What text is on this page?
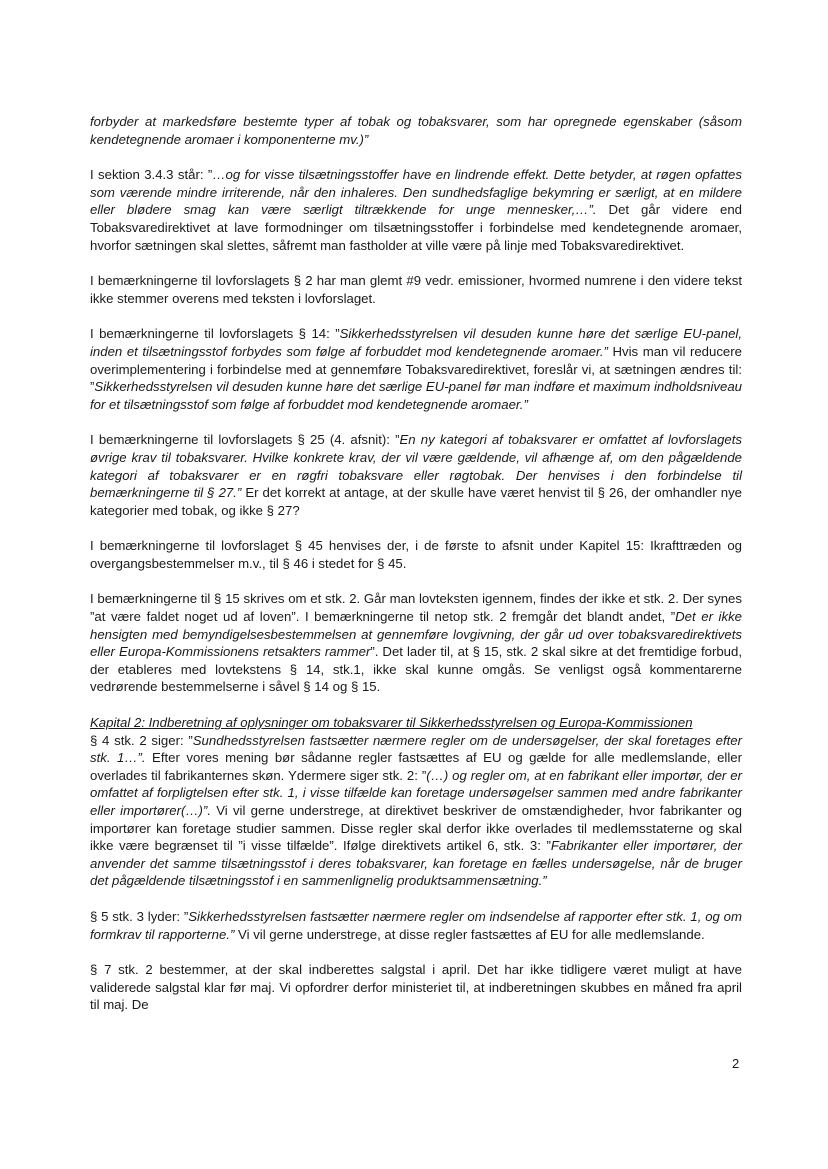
forbyder at markedsføre bestemte typer af tobak og tobaksvarer, som har opregnede egenskaber (såsom kendetegnende aromaer i komponenterne mv.)”

I sektion 3.4.3 står: ”…og for visse tilsætningsstoffer have en lindrende effekt. Dette betyder, at røgen opfattes som værende mindre irriterende, når den inhaleres. Den sundhedsfaglige bekymring er særligt, at en mildere eller blødere smag kan være særligt tiltrækkende for unge mennesker,…”. Det går videre end Tobaksvaredirektivet at lave formodninger om tilsætningsstoffer i forbindelse med kendetegnende aromaer, hvorfor sætningen skal slettes, såfremt man fastholder at ville være på linje med Tobaksvaredirektivet.

I bemærkningerne til lovforslagets § 2 har man glemt #9 vedr. emissioner, hvormed numrene i den videre tekst ikke stemmer overens med teksten i lovforslaget.

I bemærkningerne til lovforslagets § 14: ”Sikkerhedsstyrelsen vil desuden kunne høre det særlige EU-panel, inden et tilsætningsstof forbydes som følge af forbuddet mod kendetegnende aromaer.” Hvis man vil reducere overimplementering i forbindelse med at gennemføre Tobaksvaredirektivet, foreslår vi, at sætningen ændres til: ”Sikkerhedsstyrelsen vil desuden kunne høre det særlige EU-panel før man indføre et maximum indholdsniveau for et tilsætningsstof som følge af forbuddet mod kendetegnende aromaer.”

I bemærkningerne til lovforslagets § 25 (4. afsnit): ”En ny kategori af tobaksvarer er omfattet af lovforslagets øvrige krav til tobaksvarer. Hvilke konkrete krav, der vil være gældende, vil afhænge af, om den pågældende kategori af tobaksvarer er en røgfri tobaksvare eller røgtobak. Der henvises i den forbindelse til bemærkningerne til § 27.” Er det korrekt at antage, at der skulle have været henvist til § 26, der omhandler nye kategorier med tobak, og ikke § 27?

I bemærkningerne til lovforslaget § 45 henvises der, i de første to afsnit under Kapitel 15: Ikrafttræden og overgangsbestemmelser m.v., til § 46 i stedet for § 45.

I bemærkningerne til § 15 skrives om et stk. 2. Går man lovteksten igennem, findes der ikke et stk. 2. Der synes ”at være faldet noget ud af loven”. I bemærkningerne til netop stk. 2 fremgår det blandt andet, ”Det er ikke hensigten med bemyndigelsesbestemmelsen at gennemføre lovgivning, der går ud over tobaksvaredirektivets eller Europa-Kommissionens retsakters rammer”. Det lader til, at § 15, stk. 2 skal sikre at det fremtidige forbud, der etableres med lovtekstens § 14, stk.1, ikke skal kunne omgås. Se venligst også kommentarerne vedrørende bestemmelserne i såvel § 14 og § 15.

Kapital 2: Indberetning af oplysninger om tobaksvarer til Sikkerhedsstyrelsen og Europa-Kommissionen

§ 4 stk. 2 siger: ”Sundhedsstyrelsen fastsætter nærmere regler om de undersøgelser, der skal foretages efter stk. 1…”. Efter vores mening bør sådanne regler fastsættes af EU og gælde for alle medlemslande, eller overlades til fabrikanternes skøn. Ydermere siger stk. 2: ”(…) og regler om, at en fabrikant eller importør, der er omfattet af forpligtelsen efter stk. 1, i visse tilfælde kan foretage undersøgelser sammen med andre fabrikanter eller importører(…)”. Vi vil gerne understrege, at direktivet beskriver de omstændigheder, hvor fabrikanter og importører kan foretage studier sammen. Disse regler skal derfor ikke overlades til medlemsstaterne og skal ikke være begrænset til ”i visse tilfælde”. Ifølge direktivets artikel 6, stk. 3: ”Fabrikanter eller importører, der anvender det samme tilsætningsstof i deres tobaksvarer, kan foretage en fælles undersøgelse, når de bruger det pågældende tilsætningsstof i en sammenlignelig produktsammensætning.”

§ 5 stk. 3 lyder: ”Sikkerhedsstyrelsen fastsætter nærmere regler om indsendelse af rapporter efter stk. 1, og om formkrav til rapporterne.” Vi vil gerne understrege, at disse regler fastsættes af EU for alle medlemslande.

§ 7 stk. 2 bestemmer, at der skal indberettes salgstal i april. Det har ikke tidligere været muligt at have validerede salgstal klar før maj. Vi opfordrer derfor ministeriet til, at indberetningen skubbes en måned fra april til maj. De

2
